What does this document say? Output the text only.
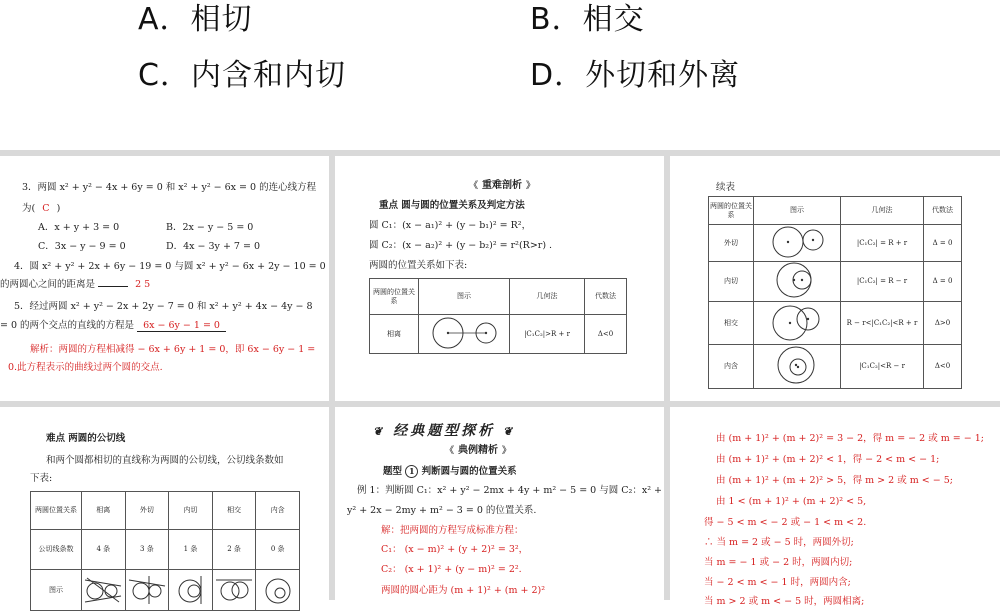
A．相切	B．相交
C．内含和内切	D．外切和外离
3．两圆 x² + y² − 4x + 6y = 0 和 x² + y² − 6x = 0 的连心线方程
为( C )
A．x + y + 3 = 0	B．2x − y − 5 = 0
C．3x − y − 9 = 0	D．4x − 3y + 7 = 0
4．圆 x² + y² + 2x + 6y − 19 = 0 与圆 x² + y² − 6x + 2y − 10 = 0
的两圆心之间的距离是	2 5
5．经过两圆 x² + y² − 2x + 2y − 7 = 0 和 x² + y² + 4x − 4y − 8
= 0 的两个交点的直线的方程是 6x − 6y − 1 = 0
解析：两圆的方程相减得 − 6x + 6y + 1 = 0，即 6x − 6y − 1 =
0.此方程表示的曲线过两个圆的交点.
《 重难剖析 》
重点 圆与圆的位置关系及判定方法
圆 C₁：(x − a₁)² + (y − b₁)² = R²，
圆 C₂：(x − a₂)² + (y − b₂)² = r²(R>r) .
两圆的位置关系如下表:
两圆的位置关系	图示	几何法	代数法
相离		|C₁C₂|>R + r	Δ<0
续表
两圆的位置关系	图示	几何法	代数法
外切		|C₁C₂| = R + r	Δ = 0
内切		|C₁C₂| = R − r	Δ = 0
相交		R − r<|C₁C₂|<R + r	Δ>0
内含		|C₁C₂|<R − r	Δ<0
难点 两圆的公切线
和两个圆都相切的直线称为两圆的公切线，公切线条数如
下表:
两圆位置关系	相离	外切	内切	相交	内含
公切线条数	4 条	3 条	1 条	2 条	0 条
图示					
❦ 经典题型探析 ❦
《 典例精析 》
题型 1 判断圆与圆的位置关系
例 1：判断圆 C₁：x² + y² − 2mx + 4y + m² − 5 = 0 与圆 C₂：x² +
y² + 2x − 2my + m² − 3 = 0 的位置关系.
解：把两圆的方程写成标准方程：
C₁： (x − m)² + (y + 2)² = 3²，
C₂： (x + 1)² + (y − m)² = 2².
两圆的圆心距为 (m + 1)² + (m + 2)²
由 (m + 1)² + (m + 2)² = 3 − 2，得 m = − 2 或 m = − 1;
由 (m + 1)² + (m + 2)² < 1，得 − 2 < m < − 1;
由 (m + 1)² + (m + 2)² > 5，得 m > 2 或 m < − 5;
由 1 < (m + 1)² + (m + 2)² < 5,
得 − 5 < m < − 2 或 − 1 < m < 2.
∴ 当 m = 2 或 − 5 时，两圆外切;
当 m = − 1 或 − 2 时，两圆内切;
当 − 2 < m < − 1 时，两圆内含;
当 m > 2 或 m < − 5 时，两圆相离;
